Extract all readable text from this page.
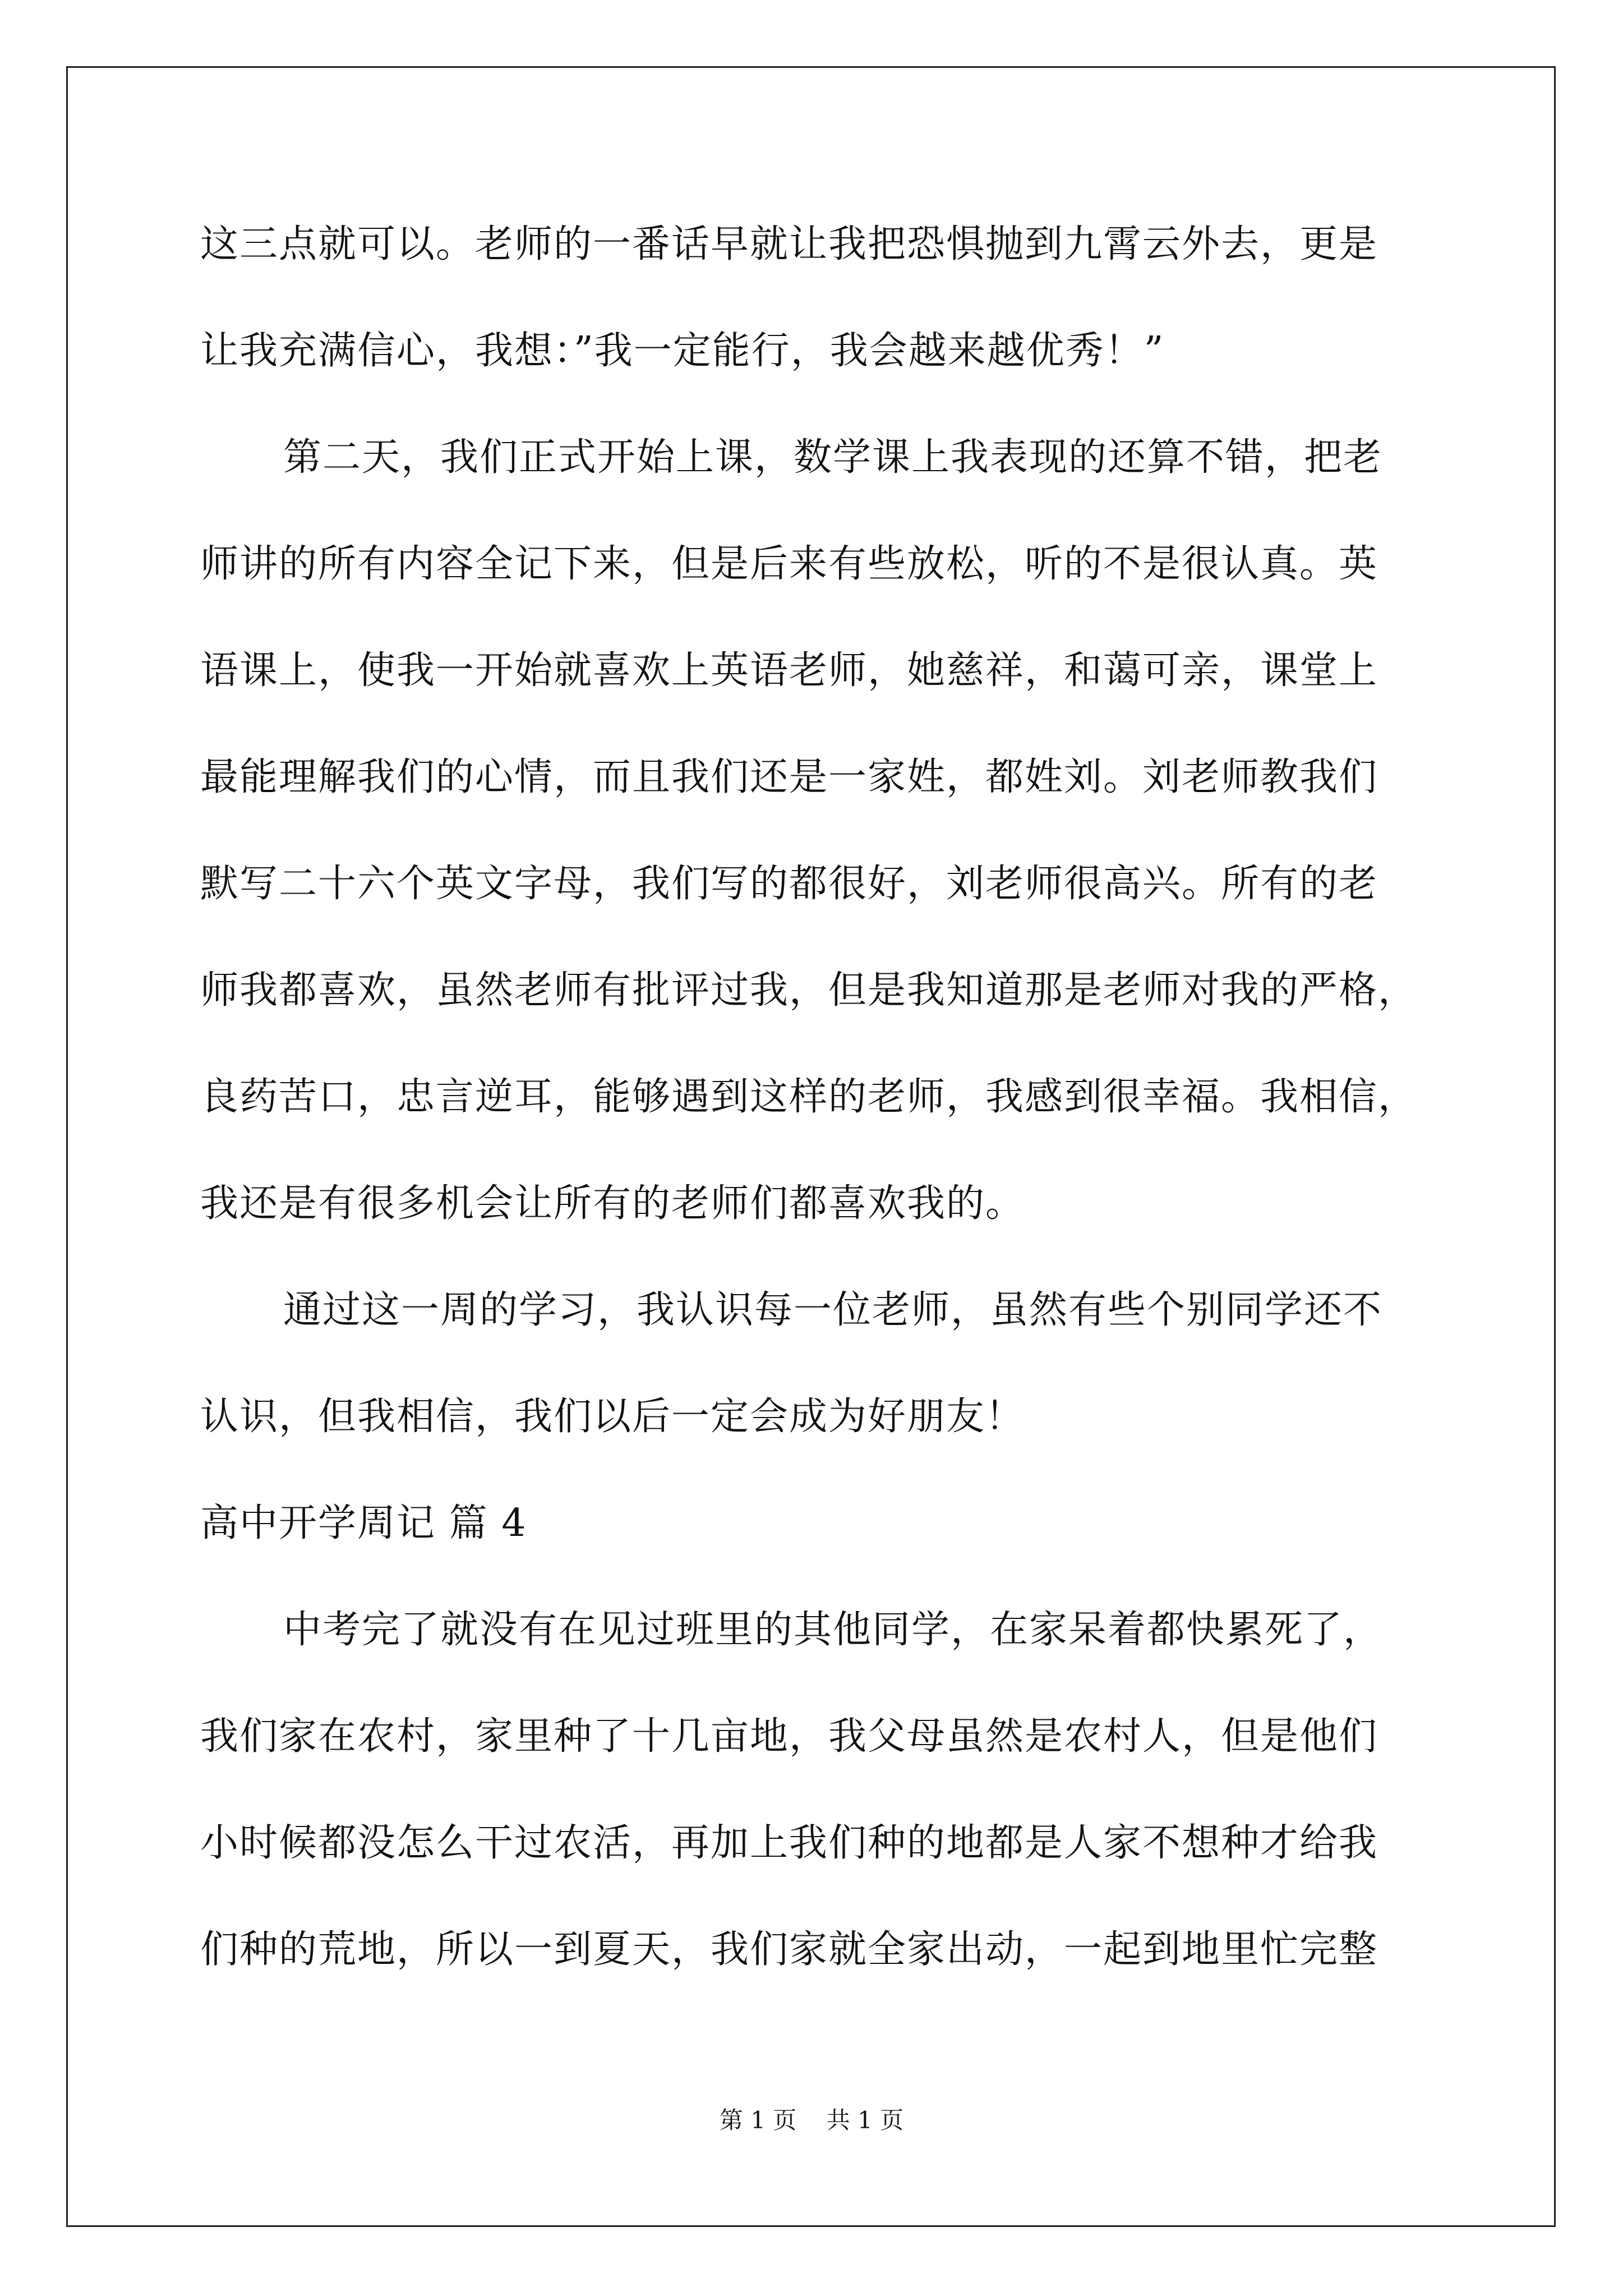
这三点就可以。老师的一番话早就让我把恐惧抛到九霄云外去，更是
让我充满信心，我想：”我一定能行，我会越来越优秀！”
第二天，我们正式开始上课，数学课上我表现的还算不错，把老
师讲的所有内容全记下来，但是后来有些放松，听的不是很认真。英
语课上，使我一开始就喜欢上英语老师，她慈祥，和蔼可亲，课堂上
最能理解我们的心情，而且我们还是一家姓，都姓刘。刘老师教我们
默写二十六个英文字母，我们写的都很好，刘老师很高兴。所有的老
师我都喜欢，虽然老师有批评过我，但是我知道那是老师对我的严格，
良药苦口，忠言逆耳，能够遇到这样的老师，我感到很幸福。我相信，
我还是有很多机会让所有的老师们都喜欢我的。
通过这一周的学习，我认识每一位老师，虽然有些个别同学还不
认识，但我相信，我们以后一定会成为好朋友！
高中开学周记 篇 4
中考完了就没有在见过班里的其他同学，在家呆着都快累死了，
我们家在农村，家里种了十几亩地，我父母虽然是农村人，但是他们
小时候都没怎么干过农活，再加上我们种的地都是人家不想种才给我
们种的荒地，所以一到夏天，我们家就全家出动，一起到地里忙完整
第 1 页    共 1 页
